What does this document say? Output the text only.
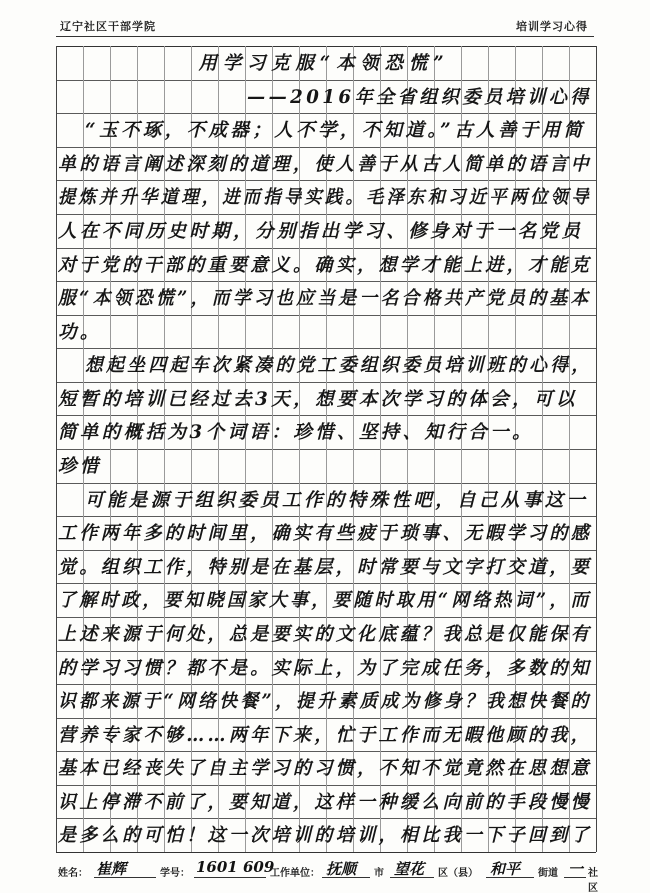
辽宁社区干部学院	培训学习心得
用学习克服“本领恐慌”
——2016年全省组织委员培训心得
“玉不琢，不成器；人不学，不知道。”古人善于用简
单的语言阐述深刻的道理，使人善于从古人简单的语言中
提炼并升华道理，进而指导实践。毛泽东和习近平两位领导
人在不同历史时期，分别指出学习、修身对于一名党员
对于党的干部的重要意义。确实，想学才能上进，才能克
服“本领恐慌”，而学习也应当是一名合格共产党员的基本
功。
想起坐四起车次紧凑的党工委组织委员培训班的心得，
短暂的培训已经过去3天，想要本次学习的体会，可以
简单的概括为3个词语：珍惜、坚持、知行合一。
珍惜
可能是源于组织委员工作的特殊性吧，自己从事这一
工作两年多的时间里，确实有些疲于琐事、无暇学习的感
觉。组织工作，特别是在基层，时常要与文字打交道，要
了解时政，要知晓国家大事，要随时取用“网络热词”，而
上述来源于何处，总是要实的文化底蕴？我总是仅能保有
的学习习惯？都不是。实际上，为了完成任务，多数的知
识都来源于“网络快餐”，提升素质成为修身？我想快餐的
营养专家不够……两年下来，忙于工作而无暇他顾的我，
基本已经丧失了自主学习的习惯，不知不觉竟然在思想意
识上停滞不前了，要知道，这样一种缓么向前的手段慢慢
是多么的可怕！这一次培训的培训，相比我一下子回到了
姓名： 崔辉	学号： 1601 609
工作单位： 抚顺 市 望花 区（县） 和平 街道 一 社区
